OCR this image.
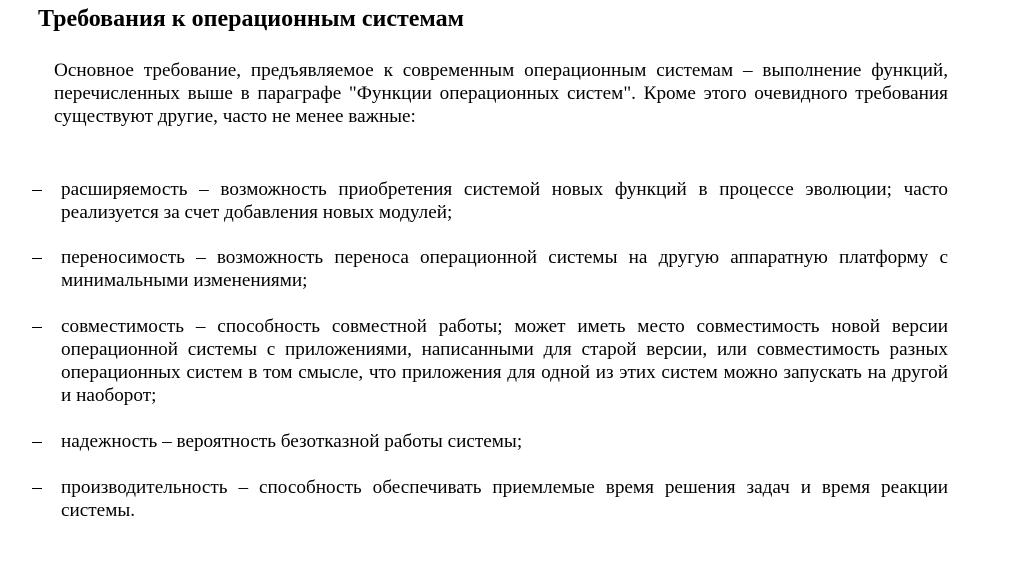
Требования к операционным системам

Основное требование, предъявляемое к современным операционным системам – выполнение функций, перечисленных выше в параграфе "Функции операционных систем". Кроме этого очевидного требования существуют другие, часто не менее важные:

расширяемость – возможность приобретения системой новых функций в процессе эволюции; часто реализуется за счет добавления новых модулей;

переносимость – возможность переноса операционной системы на другую аппаратную платформу с минимальными изменениями;

совместимость – способность совместной работы; может иметь место совместимость новой версии операционной системы с приложениями, написанными для старой версии, или совместимость разных операционных систем в том смысле, что приложения для одной из этих систем можно запускать на другой и наоборот;

надежность – вероятность безотказной работы системы;

производительность – способность обеспечивать приемлемые время решения задач и время реакции системы.
